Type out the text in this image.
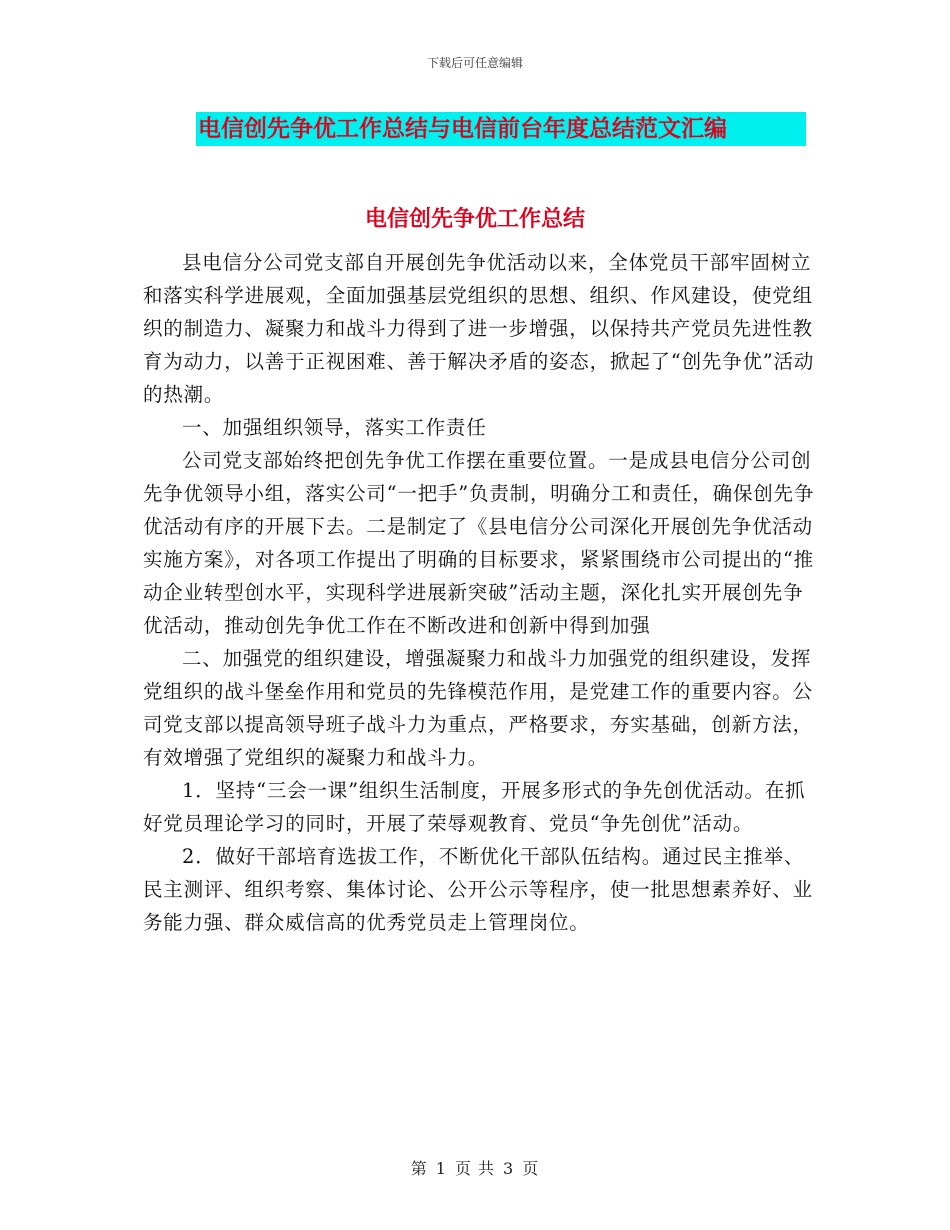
下载后可任意编辑
电信创先争优工作总结与电信前台年度总结范文汇编
电信创先争优工作总结

县电信分公司党支部自开展创先争优活动以来，全体党员干部牢固树立和落实科学进展观，全面加强基层党组织的思想、组织、作风建设，使党组织的制造力、凝聚力和战斗力得到了进一步增强，以保持共产党员先进性教育为动力，以善于正视困难、善于解决矛盾的姿态，掀起了“创先争优”活动的热潮。

一、加强组织领导，落实工作责任

公司党支部始终把创先争优工作摆在重要位置。一是成县电信分公司创先争优领导小组，落实公司“一把手”负责制，明确分工和责任，确保创先争优活动有序的开展下去。二是制定了《县电信分公司深化开展创先争优活动实施方案》，对各项工作提出了明确的目标要求，紧紧围绕市公司提出的“推动企业转型创水平，实现科学进展新突破”活动主题，深化扎实开展创先争优活动，推动创先争优工作在不断改进和创新中得到加强

二、加强党的组织建设，增强凝聚力和战斗力加强党的组织建设，发挥党组织的战斗堡垒作用和党员的先锋模范作用，是党建工作的重要内容。公司党支部以提高领导班子战斗力为重点，严格要求，夯实基础，创新方法，有效增强了党组织的凝聚力和战斗力。

1．坚持“三会一课”组织生活制度，开展多形式的争先创优活动。在抓好党员理论学习的同时，开展了荣辱观教育、党员“争先创优”活动。

2．做好干部培育选拔工作，不断优化干部队伍结构。通过民主推举、民主测评、组织考察、集体讨论、公开公示等程序，使一批思想素养好、业务能力强、群众威信高的优秀党员走上管理岗位。

第 1 页 共 3 页
